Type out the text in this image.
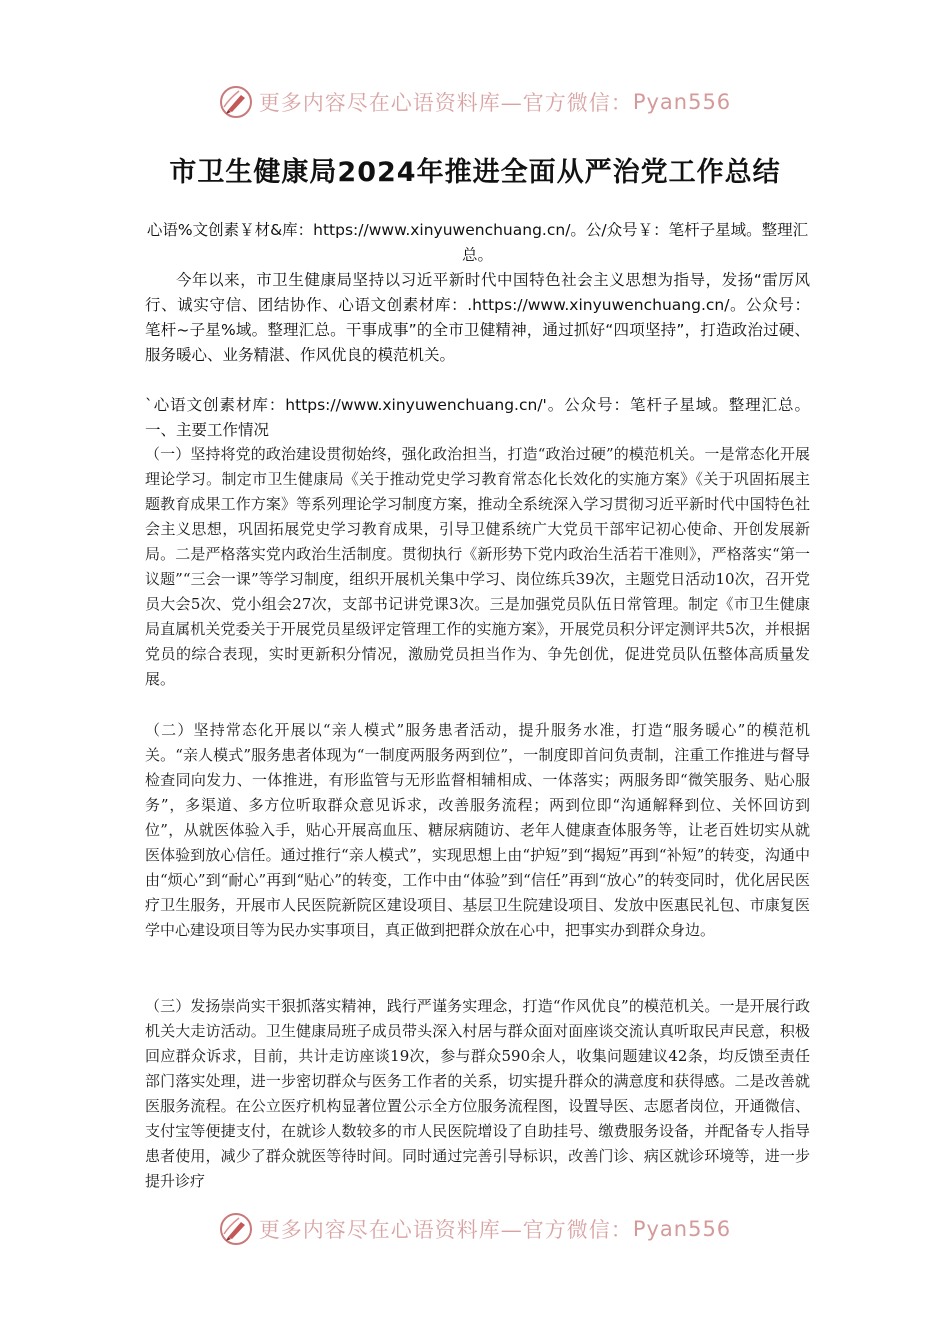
更多内容尽在心语资料库—官方微信： Pyan556
市卫生健康局2024年推进全面从严治党工作总结

心语%文创素￥材&库：https://www.xinyuwenchuang.cn/。公/众号￥：笔杆子星域。整理汇总。

今年以来，市卫生健康局坚持以习近平新时代中国特色社会主义思想为指导，发扬“雷厉风行、诚实守信、团结协作、心语文创素材库：.https://www.xinyuwenchuang.cn/。公众号：笔杆~子星%域。整理汇总。干事成事”的全市卫健精神，通过抓好“四项坚持”，打造政治过硬、服务暖心、业务精湛、作风优良的模范机关。

`心语文创素材库：https://www.xinyuwenchuang.cn/'。公众号：笔杆子星域。整理汇总。一、主要工作情况

（一）坚持将党的政治建设贯彻始终，强化政治担当，打造“政治过硬”的模范机关。一是常态化开展理论学习。制定市卫生健康局《关于推动党史学习教育常态化长效化的实施方案》《关于巩固拓展主题教育成果工作方案》等系列理论学习制度方案，推动全系统深入学习贯彻习近平新时代中国特色社会主义思想，巩固拓展党史学习教育成果，引导卫健系统广大党员干部牢记初心使命、开创发展新局。二是严格落实党内政治生活制度。贯彻执行《新形势下党内政治生活若干准则》，严格落实“第一议题”“三会一课”等学习制度，组织开展机关集中学习、岗位练兵39次，主题党日活动10次，召开党员大会5次、党小组会27次，支部书记讲党课3次。三是加强党员队伍日常管理。制定《市卫生健康局直属机关党委关于开展党员星级评定管理工作的实施方案》，开展党员积分评定测评共5次，并根据党员的综合表现，实时更新积分情况，激励党员担当作为、争先创优，促进党员队伍整体高质量发展。

（二）坚持常态化开展以“亲人模式”服务患者活动，提升服务水准，打造“服务暖心”的模范机关。“亲人模式”服务患者体现为“一制度两服务两到位”，一制度即首问负责制，注重工作推进与督导检查同向发力、一体推进，有形监管与无形监督相辅相成、一体落实；两服务即“微笑服务、贴心服务”，多渠道、多方位听取群众意见诉求，改善服务流程；两到位即“沟通解释到位、关怀回访到位”，从就医体验入手，贴心开展高血压、糖尿病随访、老年人健康查体服务等，让老百姓切实从就医体验到放心信任。通过推行“亲人模式”，实现思想上由“护短”到“揭短”再到“补短”的转变，沟通中由“烦心”到“耐心”再到“贴心”的转变，工作中由“体验”到“信任”再到“放心”的转变同时，优化居民医疗卫生服务，开展市人民医院新院区建设项目、基层卫生院建设项目、发放中医惠民礼包、市康复医学中心建设项目等为民办实事项目，真正做到把群众放在心中，把事实办到群众身边。

（三）发扬崇尚实干狠抓落实精神，践行严谨务实理念，打造“作风优良”的模范机关。一是开展行政机关大走访活动。卫生健康局班子成员带头深入村居与群众面对面座谈交流认真听取民声民意，积极回应群众诉求，目前，共计走访座谈19次，参与群众590余人，收集问题建议42条，均反馈至责任部门落实处理，进一步密切群众与医务工作者的关系，切实提升群众的满意度和获得感。二是改善就医服务流程。在公立医疗机构显著位置公示全方位服务流程图，设置导医、志愿者岗位，开通微信、支付宝等便捷支付，在就诊人数较多的市人民医院增设了自助挂号、缴费服务设备，并配备专人指导患者使用，减少了群众就医等待时间。同时通过完善引导标识，改善门诊、病区就诊环境等，进一步提升诊疗

更多内容尽在心语资料库—官方微信： Pyan556
